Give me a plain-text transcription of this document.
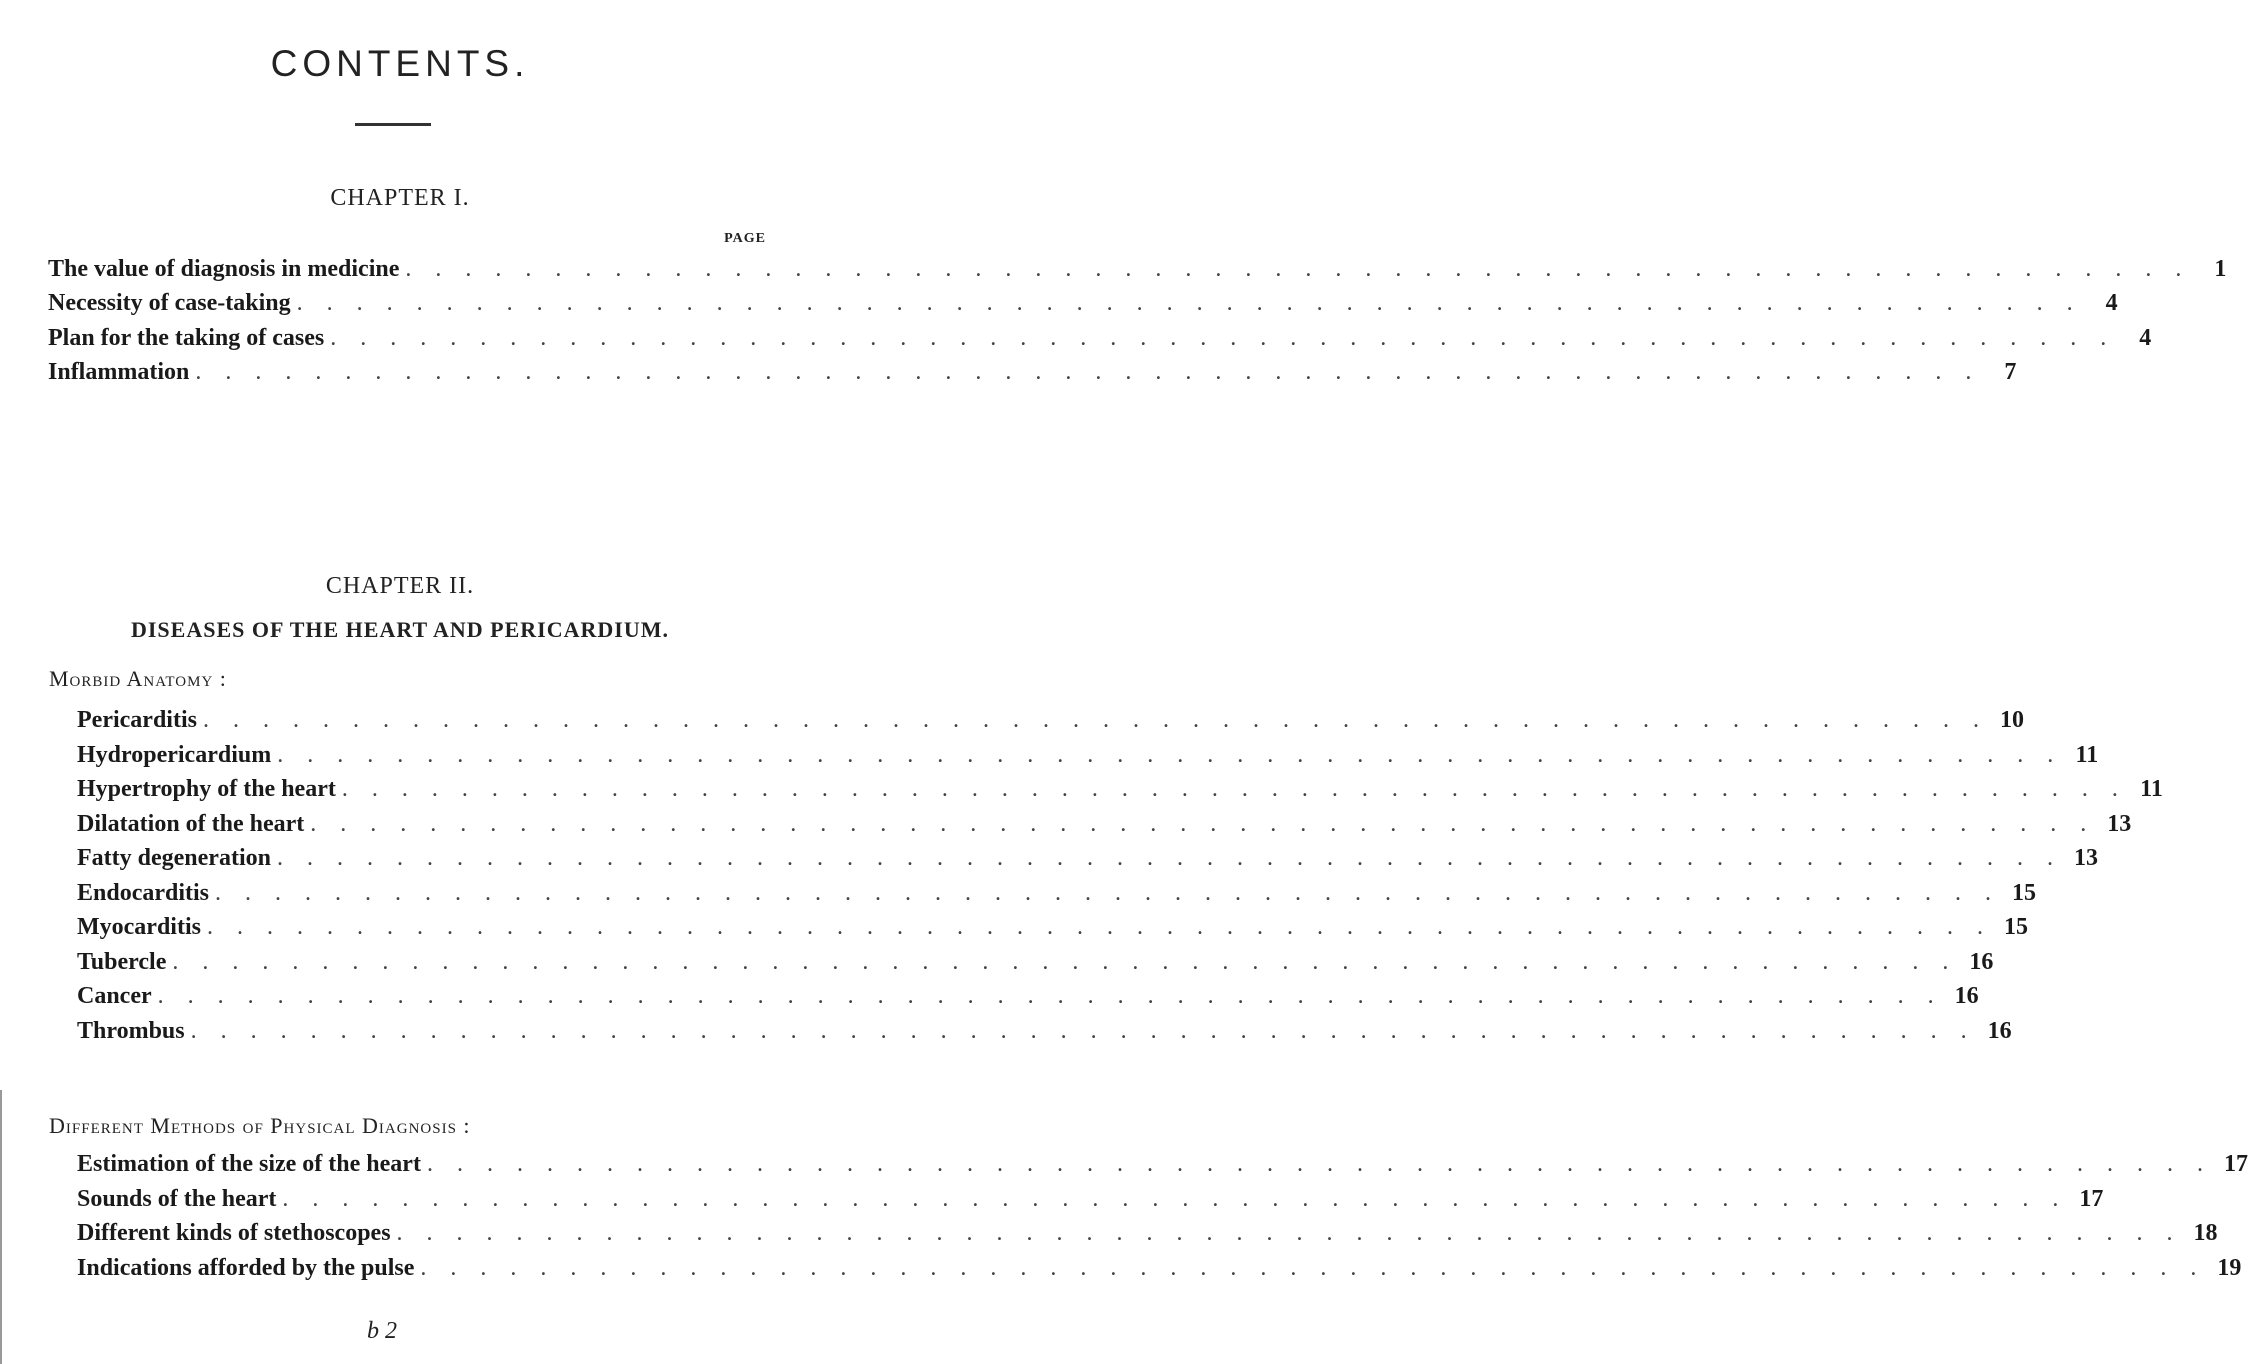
CONTENTS.
CHAPTER I.
PAGE
The value of diagnosis in medicine . . . . . . . . . . . . . . . . . . . . . . . . . . . . . . . . . . . . . . . . . . . . . . . . . . . . . . . . . . . .	1
Necessity of case-taking . . . . . . . . . . . . . . . . . . . . . . . . . . . . . . . . . . . . . . . . . . . . . . . . . . . . . . . . . . . .	4
Plan for the taking of cases . . . . . . . . . . . . . . . . . . . . . . . . . . . . . . . . . . . . . . . . . . . . . . . . . . . . . . . . . . . .	4
Inflammation . . . . . . . . . . . . . . . . . . . . . . . . . . . . . . . . . . . . . . . . . . . . . . . . . . . . . . . . . . . .	7
CHAPTER II.
DISEASES OF THE HEART AND PERICARDIUM.
Morbid Anatomy :
Pericarditis . . . . . . . . . . . . . . . . . . . . . . . . . . . . . . . . . . . . . . . . . . . . . . . . . . . . . . . . . . . . 10
Hydropericardium . . . . . . . . . . . . . . . . . . . . . . . . . . . . . . . . . . . . . . . . . . . . . . . . . . . . . . . . . . . . 11
Hypertrophy of the heart . . . . . . . . . . . . . . . . . . . . . . . . . . . . . . . . . . . . . . . . . . . . . . . . . . . . . . . . . . . . 11
Dilatation of the heart . . . . . . . . . . . . . . . . . . . . . . . . . . . . . . . . . . . . . . . . . . . . . . . . . . . . . . . . . . . . 13
Fatty degeneration . . . . . . . . . . . . . . . . . . . . . . . . . . . . . . . . . . . . . . . . . . . . . . . . . . . . . . . . . . . . 13
Endocarditis . . . . . . . . . . . . . . . . . . . . . . . . . . . . . . . . . . . . . . . . . . . . . . . . . . . . . . . . . . . . 15
Myocarditis . . . . . . . . . . . . . . . . . . . . . . . . . . . . . . . . . . . . . . . . . . . . . . . . . . . . . . . . . . . . 15
Tubercle . . . . . . . . . . . . . . . . . . . . . . . . . . . . . . . . . . . . . . . . . . . . . . . . . . . . . . . . . . . . 16
Cancer . . . . . . . . . . . . . . . . . . . . . . . . . . . . . . . . . . . . . . . . . . . . . . . . . . . . . . . . . . . . 16
Thrombus . . . . . . . . . . . . . . . . . . . . . . . . . . . . . . . . . . . . . . . . . . . . . . . . . . . . . . . . . . . . 16
Different Methods of Physical Diagnosis :
Estimation of the size of the heart . . . . . . . . . . . . . . . . . . . . . . . . . . . . . . . . . . . . . . . . . . . . . . . . . . . . . . . . . . . . 17
Sounds of the heart . . . . . . . . . . . . . . . . . . . . . . . . . . . . . . . . . . . . . . . . . . . . . . . . . . . . . . . . . . . . 17
Different kinds of stethoscopes . . . . . . . . . . . . . . . . . . . . . . . . . . . . . . . . . . . . . . . . . . . . . . . . . . . . . . . . . . . . 18
Indications afforded by the pulse . . . . . . . . . . . . . . . . . . . . . . . . . . . . . . . . . . . . . . . . . . . . . . . . . . . . . . . . . . . . 19
b 2
